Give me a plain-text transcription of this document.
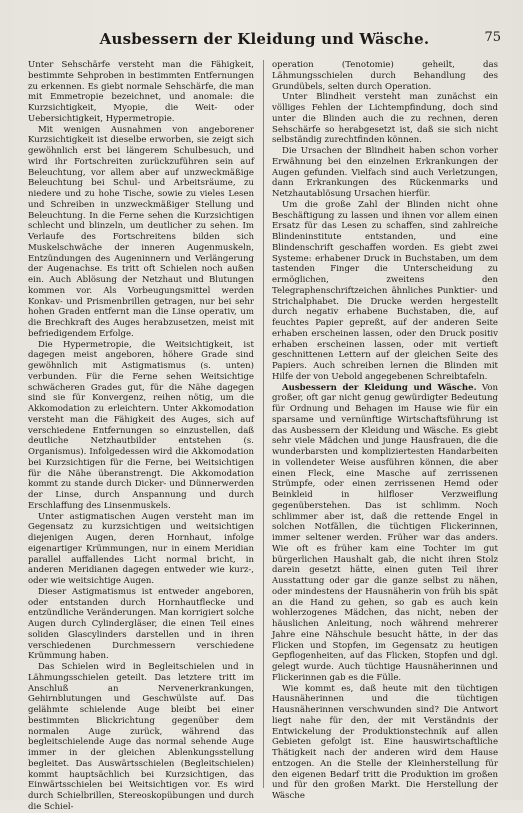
Ausbessern der Kleidung und Wäsche.	75

Unter Sehschärfe versteht man die Fähigkeit, bestimmte Sehproben in bestimmten Entfernungen zu erkennen. Es giebt normale Sehschärfe, die man mit Emmetropie bezeichnet, und anomale: die Kurzsichtigkeit, Myopie, die Weit- oder Uebersichtigkeit, Hypermetropie.

Mit wenigen Ausnahmen von angeborener Kurzsichtigkeit ist dieselbe erworben, sie zeigt sich gewöhnlich erst bei längerem Schulbesuch, und wird ihr Fortschreiten zurückzuführen sein auf Beleuchtung, vor allem aber auf unzweckmäßige Beleuchtung bei Schul- und Arbeitsräume, zu niedere und zu hohe Tische, sowie zu vieles Lesen und Schreiben in unzweckmäßiger Stellung und Beleuchtung. In die Ferne sehen die Kurzsichtigen schlecht und blinzeln, um deutlicher zu sehen. Im Verlaufe des Fortschreitens bilden sich Muskelschwäche der inneren Augenmuskeln, Entzündungen des Augeninnern und Verlängerung der Augenachse. Es tritt oft Schielen noch außen ein. Auch Ablösung der Netzhaut und Blutungen kommen vor. Als Vorbeugungsmittel werden Konkav- und Prismenbrillen getragen, nur bei sehr hohen Graden entfernt man die Linse operativ, um die Brechkraft des Auges herabzusetzen, meist mit befriedigendem Erfolge.

Die Hypermetropie, die Weitsichtigkeit, ist dagegen meist angeboren, höhere Grade sind gewöhnlich mit Astigmatismus (s. unten) verbunden. Für die Ferne sehen Weitsichtige schwächeren Grades gut, für die Nähe dagegen sind sie für Konvergenz, reihen nötig, um die Akkomodation zu erleichtern. Unter Akkomodation versteht man die Fähigkeit des Auges, sich auf verschiedene Entfernungen so einzustellen, daß deutliche Netzhautbilder entstehen (s. Organismus). Infolgedessen wird die Akkomodation bei Kurzsichtigen für die Ferne, bei Weitsichtigen für die Nähe überanstrengt. Die Akkomodation kommt zu stande durch Dicker- und Dünnerwerden der Linse, durch Anspannung und durch Erschlaffung des Linsenmuskels.

Unter astigmatischen Augen versteht man im Gegensatz zu kurzsichtigen und weitsichtigen diejenigen Augen, deren Hornhaut, infolge eigenartiger Krümmungen, nur in einem Meridian parallel auffallendes Licht normal bricht, in anderen Meridianen dagegen entweder wie kurz-, oder wie weitsichtige Augen.

Dieser Astigmatismus ist entweder angeboren, oder entstanden durch Hornhautflecke und entzündliche Veränderungen. Man korrigiert solche Augen durch Cylindergläser, die einen Teil eines soliden Glascylinders darstellen und in ihren verschiedenen Durchmessern verschiedene Krümmung haben.

Das Schielen wird in Begleitschielen und in Lähmungsschielen geteilt. Das letztere tritt im Anschluß an Nervenerkrankungen, Gehirnblutungen und Geschwülste auf. Das gelähmte schielende Auge bleibt bei einer bestimmten Blickrichtung gegenüber dem normalen Auge zurück, während das begleitschielende Auge das normal sehende Auge immer in der gleichen Ablenkungsstellung begleitet. Das Auswärtsschielen (Begleitschielen) kommt hauptsächlich bei Kurzsichtigen, das Einwärtsschielen bei Weitsichtigen vor. Es wird durch Schielbrillen, Stereoskopübungen und durch die Schiel-

operation (Tenotomie) geheilt, das Lähmungsschielen durch Behandlung des Grundübels, selten durch Operation.

Unter Blindheit versteht man zunächst ein völliges Fehlen der Lichtempfindung, doch sind unter die Blinden auch die zu rechnen, deren Sehschärfe so herabgesetzt ist, daß sie sich nicht selbständig zurechtfinden können.

Die Ursachen der Blindheit haben schon vorher Erwähnung bei den einzelnen Erkrankungen der Augen gefunden. Vielfach sind auch Verletzungen, dann Erkrankungen des Rückenmarks und Netzhautablösung Ursachen hierfür.

Um die große Zahl der Blinden nicht ohne Beschäftigung zu lassen und ihnen vor allem einen Ersatz für das Lesen zu schaffen, sind zahlreiche Blindeninstitute entstanden, und eine Blindenschrift geschaffen worden. Es giebt zwei Systeme: erhabener Druck in Buchstaben, um dem tastenden Finger die Unterscheidung zu ermöglichen, zweitens den Telegraphenschriftzeichen ähnliches Punktier- und Strichalphabet. Die Drucke werden hergestellt durch negativ erhabene Buchstaben, die, auf feuchtes Papier gepreßt, auf der anderen Seite erhaben erscheinen lassen, oder den Druck positiv erhaben erscheinen lassen, oder mit vertieft geschnittenen Lettern auf der gleichen Seite des Papiers. Auch schreiben lernen die Blinden mit Hilfe der von Uebold angegebenen Schreibtafeln.

Ausbessern der Kleidung und Wäsche. Von großer, oft gar nicht genug gewürdigter Bedeutung für Ordnung und Behagen im Hause wie für ein sparsame und vernünftige Wirtschaftsführung ist das Ausbessern der Kleidung und Wäsche. Es giebt sehr viele Mädchen und junge Hausfrauen, die die wunderbarsten und kompliziertesten Handarbeiten in vollendeter Weise ausführen können, die aber einen Fleck, eine Masche auf zerrissenen Strümpfe, oder einen zerrissenen Hemd oder Beinkleid in hilfloser Verzweiflung gegenüberstehen. Das ist schlimm. Noch schlimmer aber ist, daß die rettende Engel in solchen Notfällen, die tüchtigen Flickerinnen, immer seltener werden. Früher war das anders. Wie oft es früher kam eine Tochter im gut bürgerlichen Haushalt gab, die nicht ihren Stolz darein gesetzt hätte, einen guten Teil ihrer Ausstattung oder gar die ganze selbst zu nähen, oder mindestens der Hausnäherin von früh bis spät an die Hand zu gehen, so gab es auch kein wohlerzogenes Mädchen, das nicht, neben der häuslichen Anleitung, noch während mehrerer Jahre eine Nähschule besucht hätte, in der das Flicken und Stopfen, im Gegensatz zu heutigen Gepflogenheiten, auf das Flicken, Stopfen und dgl. gelegt wurde. Auch tüchtige Hausnäherinnen und Flickerinnen gab es die Fülle.

Wie kommt es, daß heute mit den tüchtigen Hausnäherinnen und die tüchtigen Hausnäherinnen verschwunden sind? Die Antwort liegt nahe für den, der mit Verständnis der Entwickelung der Produktionstechnik auf allen Gebieten gefolgt ist. Eine hauswirtschaftliche Thätigkeit nach der anderen wird dem Hause entzogen. An die Stelle der Kleinherstellung für den eigenen Bedarf tritt die Produktion im großen und für den großen Markt. Die Herstellung der Wäsche
